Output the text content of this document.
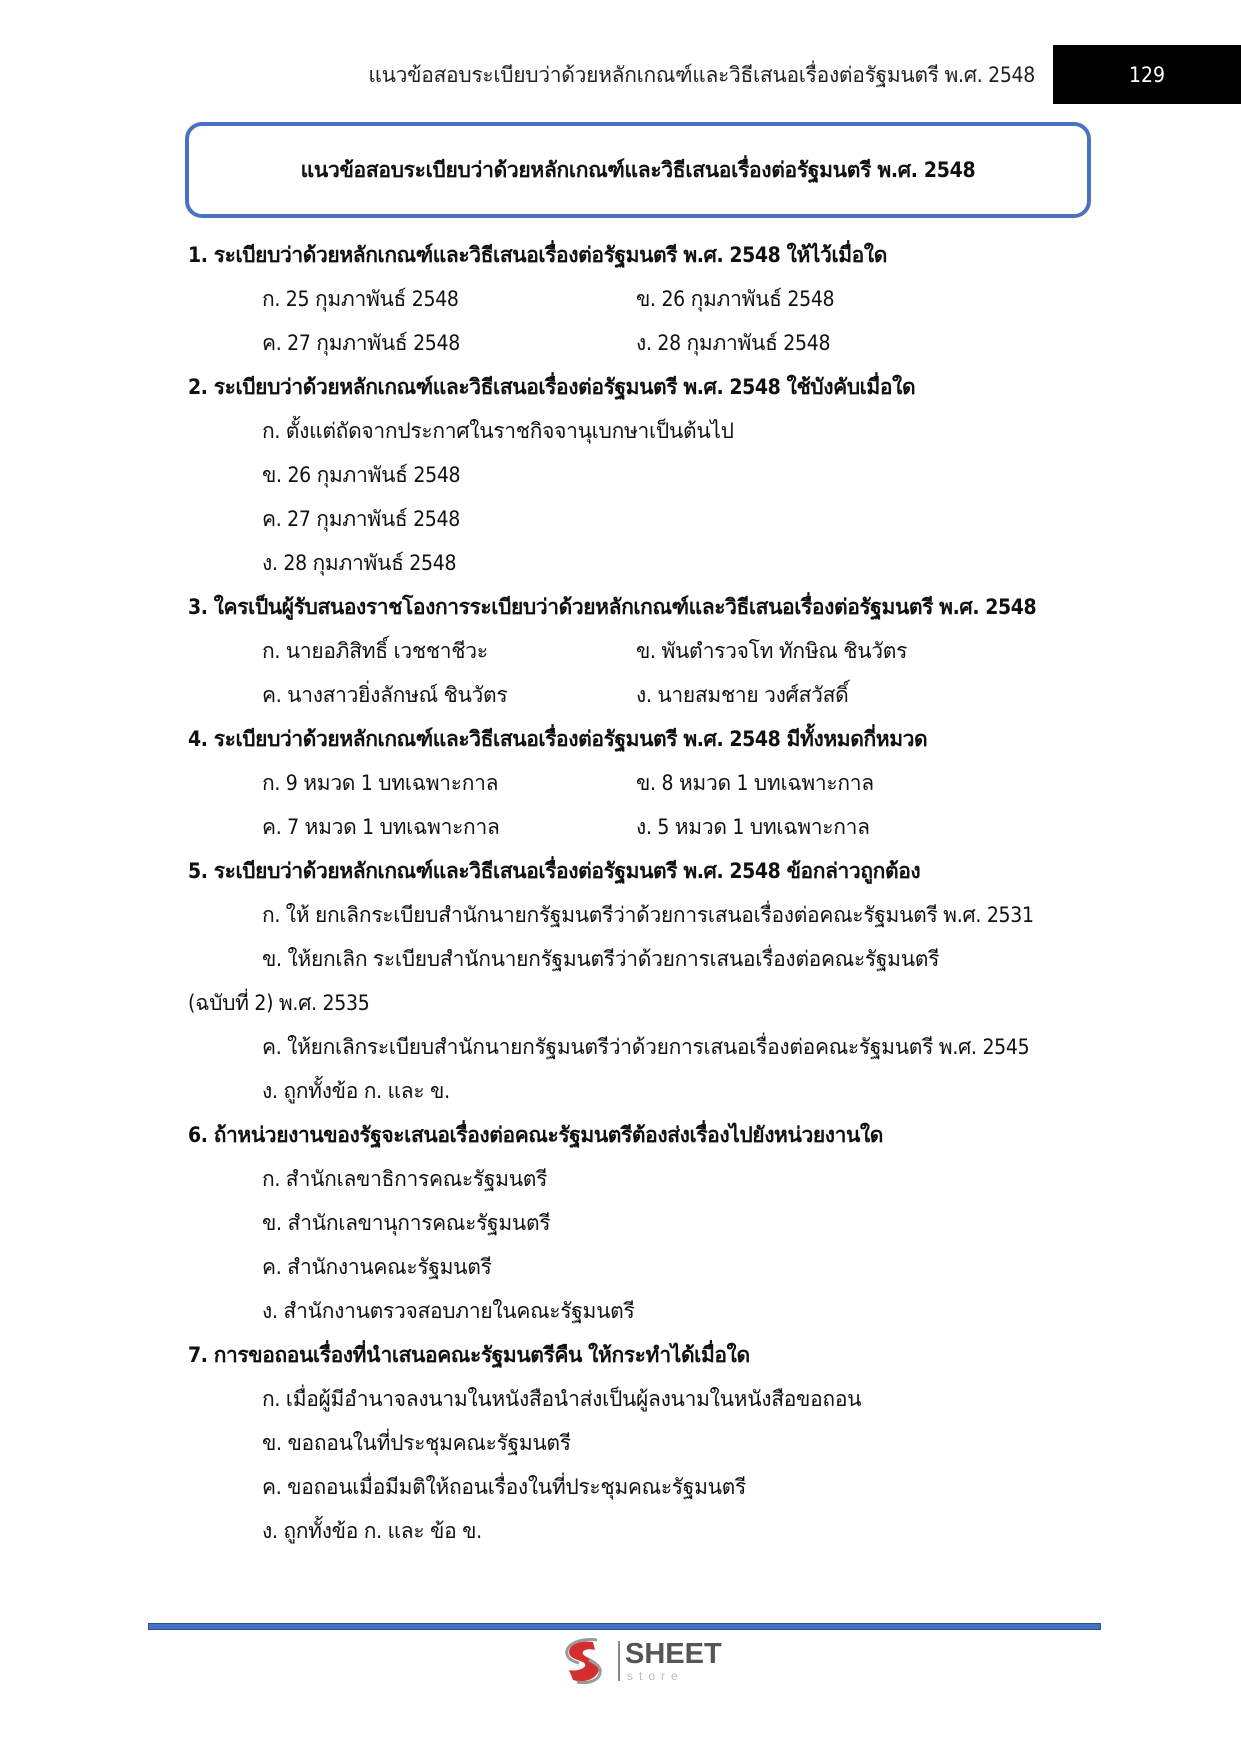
แนวข้อสอบระเบียบว่าด้วยหลักเกณฑ์และวิธีเสนอเรื่องต่อรัฐมนตรี พ.ศ. 2548	129
แนวข้อสอบระเบียบว่าด้วยหลักเกณฑ์และวิธีเสนอเรื่องต่อรัฐมนตรี พ.ศ. 2548
1. ระเบียบว่าด้วยหลักเกณฑ์และวิธีเสนอเรื่องต่อรัฐมนตรี พ.ศ. 2548 ให้ไว้เมื่อใด
ก. 25 กุมภาพันธ์ 2548	ข. 26 กุมภาพันธ์ 2548
ค. 27 กุมภาพันธ์ 2548	ง. 28 กุมภาพันธ์ 2548
2. ระเบียบว่าด้วยหลักเกณฑ์และวิธีเสนอเรื่องต่อรัฐมนตรี พ.ศ. 2548 ใช้บังคับเมื่อใด
ก. ตั้งแต่ถัดจากประกาศในราชกิจจานุเบกษาเป็นต้นไป
ข. 26 กุมภาพันธ์ 2548
ค. 27 กุมภาพันธ์ 2548
ง. 28 กุมภาพันธ์ 2548
3. ใครเป็นผู้รับสนองราชโองการระเบียบว่าด้วยหลักเกณฑ์และวิธีเสนอเรื่องต่อรัฐมนตรี พ.ศ. 2548
ก. นายอภิสิทธิ์ เวชชาชีวะ	ข. พันตำรวจโท ทักษิณ ชินวัตร
ค. นางสาวยิ่งลักษณ์ ชินวัตร	ง. นายสมชาย วงศ์สวัสดิ์
4. ระเบียบว่าด้วยหลักเกณฑ์และวิธีเสนอเรื่องต่อรัฐมนตรี พ.ศ. 2548 มีทั้งหมดกี่หมวด
ก. 9 หมวด 1 บทเฉพาะกาล	ข. 8 หมวด 1 บทเฉพาะกาล
ค. 7 หมวด 1 บทเฉพาะกาล	ง. 5 หมวด 1 บทเฉพาะกาล
5. ระเบียบว่าด้วยหลักเกณฑ์และวิธีเสนอเรื่องต่อรัฐมนตรี พ.ศ. 2548 ข้อกล่าวถูกต้อง
ก. ให้ ยกเลิกระเบียบสำนักนายกรัฐมนตรีว่าด้วยการเสนอเรื่องต่อคณะรัฐมนตรี พ.ศ. 2531
ข. ให้ยกเลิก ระเบียบสำนักนายกรัฐมนตรีว่าด้วยการเสนอเรื่องต่อคณะรัฐมนตรี
(ฉบับที่ 2) พ.ศ. 2535
ค. ให้ยกเลิกระเบียบสำนักนายกรัฐมนตรีว่าด้วยการเสนอเรื่องต่อคณะรัฐมนตรี พ.ศ. 2545
ง. ถูกทั้งข้อ ก. และ ข.
6. ถ้าหน่วยงานของรัฐจะเสนอเรื่องต่อคณะรัฐมนตรีต้องส่งเรื่องไปยังหน่วยงานใด
ก. สำนักเลขาธิการคณะรัฐมนตรี
ข. สำนักเลขานุการคณะรัฐมนตรี
ค. สำนักงานคณะรัฐมนตรี
ง. สำนักงานตรวจสอบภายในคณะรัฐมนตรี
7. การขอถอนเรื่องที่นำเสนอคณะรัฐมนตรีคืน ให้กระทำได้เมื่อใด
ก. เมื่อผู้มีอำนาจลงนามในหนังสือนำส่งเป็นผู้ลงนามในหนังสือขอถอน
ข. ขอถอนในที่ประชุมคณะรัฐมนตรี
ค. ขอถอนเมื่อมีมติให้ถอนเรื่องในที่ประชุมคณะรัฐมนตรี
ง. ถูกทั้งข้อ ก. และ ข้อ ข.
SHEET
store
